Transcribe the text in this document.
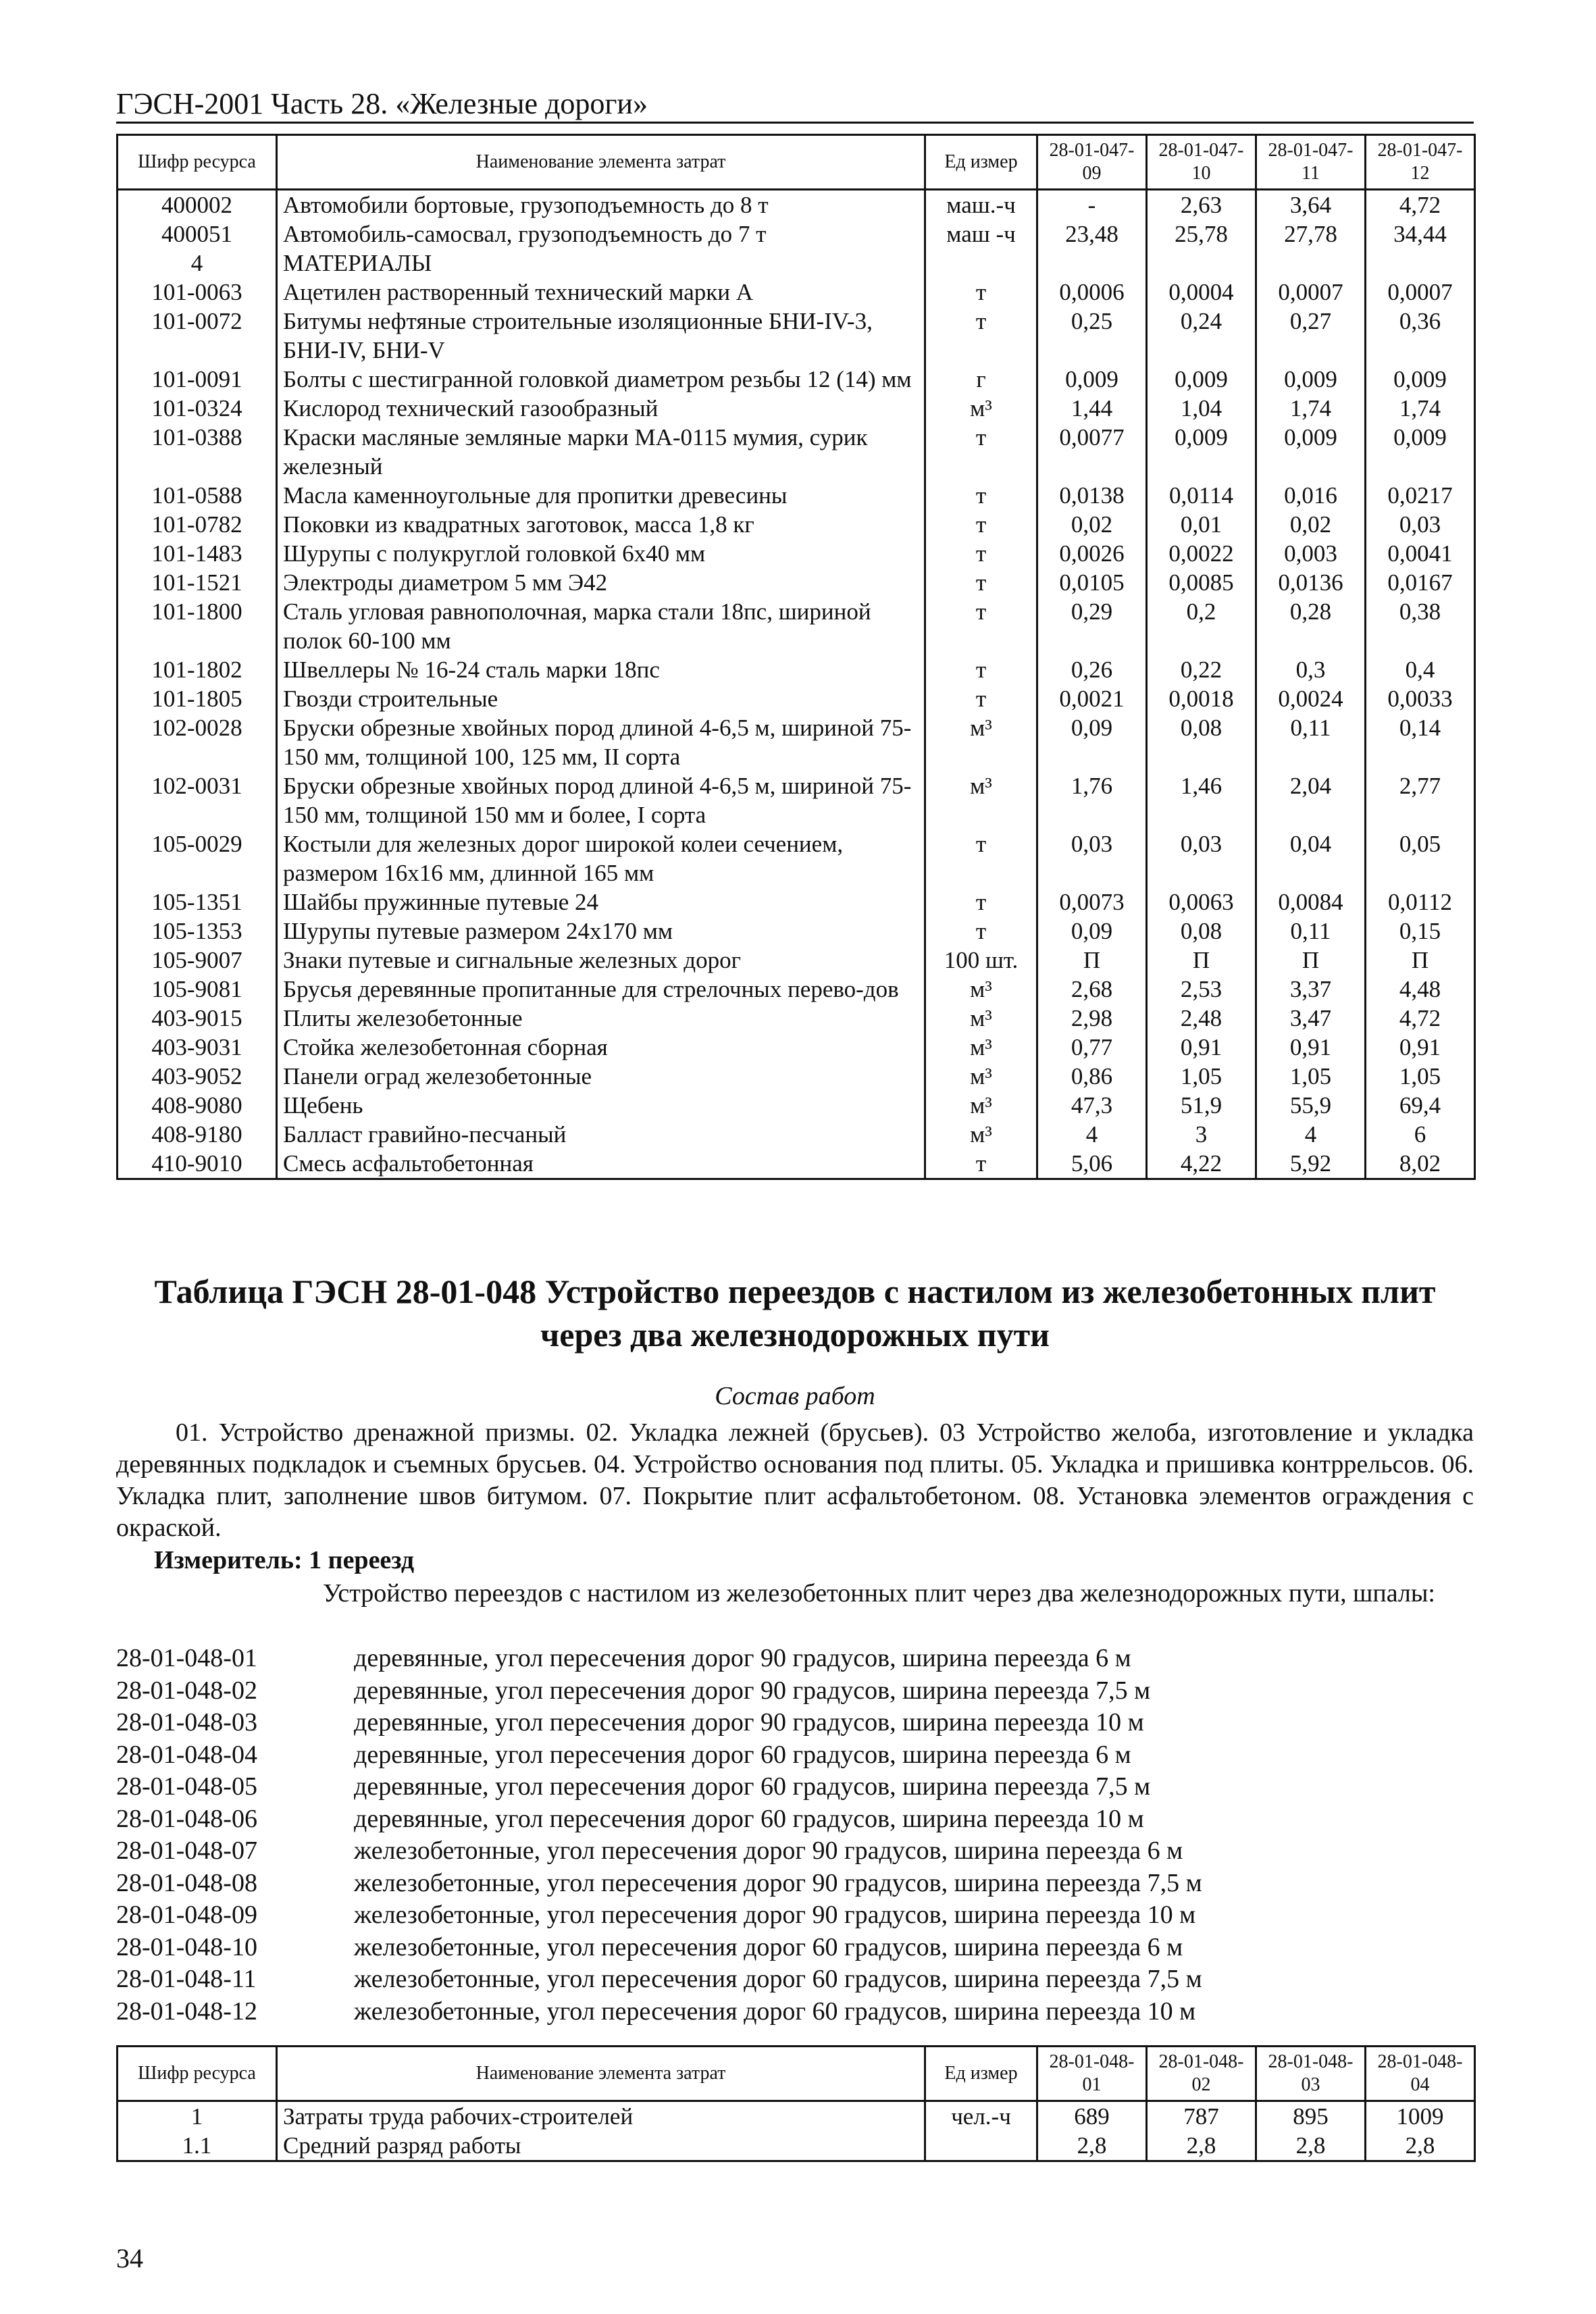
ГЭСН-2001 Часть 28. «Железные дороги»
Шифр ресурса	Наименование элемента затрат	Ед измер	28-01-047-09	28-01-047-10	28-01-047-11	28-01-047-12
400002	Автомобили бортовые, грузоподъемность до 8 т	маш.-ч	-	2,63	3,64	4,72
400051	Автомобиль-самосвал, грузоподъемность до 7 т	маш -ч	23,48	25,78	27,78	34,44
4	МАТЕРИАЛЫ					
101-0063	Ацетилен растворенный технический марки А	т	0,0006	0,0004	0,0007	0,0007
101-0072	Битумы нефтяные строительные изоляционные БНИ-IV-3, БНИ-IV, БНИ-V	т	0,25	0,24	0,27	0,36
101-0091	Болты с шестигранной головкой диаметром резьбы 12 (14) мм	г	0,009	0,009	0,009	0,009
101-0324	Кислород технический газообразный	м³	1,44	1,04	1,74	1,74
101-0388	Краски масляные земляные марки МА-0115 мумия, сурик железный	т	0,0077	0,009	0,009	0,009
101-0588	Масла каменноугольные для пропитки древесины	т	0,0138	0,0114	0,016	0,0217
101-0782	Поковки из квадратных заготовок, масса 1,8 кг	т	0,02	0,01	0,02	0,03
101-1483	Шурупы с полукруглой головкой 6х40 мм	т	0,0026	0,0022	0,003	0,0041
101-1521	Электроды диаметром 5 мм Э42	т	0,0105	0,0085	0,0136	0,0167
101-1800	Сталь угловая равнополочная, марка стали 18пс, шириной полок 60-100 мм	т	0,29	0,2	0,28	0,38
101-1802	Швеллеры № 16-24 сталь марки 18пс	т	0,26	0,22	0,3	0,4
101-1805	Гвозди строительные	т	0,0021	0,0018	0,0024	0,0033
102-0028	Бруски обрезные хвойных пород длиной 4-6,5 м, шириной 75-150 мм, толщиной 100, 125 мм, II сорта	м³	0,09	0,08	0,11	0,14
102-0031	Бруски обрезные хвойных пород длиной 4-6,5 м, шириной 75-150 мм, толщиной 150 мм и более, I сорта	м³	1,76	1,46	2,04	2,77
105-0029	Костыли для железных дорог широкой колеи сечением, размером 16х16 мм, длинной 165 мм	т	0,03	0,03	0,04	0,05
105-1351	Шайбы пружинные путевые 24	т	0,0073	0,0063	0,0084	0,0112
105-1353	Шурупы путевые размером 24х170 мм	т	0,09	0,08	0,11	0,15
105-9007	Знаки путевые и сигнальные железных дорог	100 шт.	П	П	П	П
105-9081	Брусья деревянные пропитанные для стрелочных перево-дов	м³	2,68	2,53	3,37	4,48
403-9015	Плиты железобетонные	м³	2,98	2,48	3,47	4,72
403-9031	Стойка железобетонная сборная	м³	0,77	0,91	0,91	0,91
403-9052	Панели оград железобетонные	м³	0,86	1,05	1,05	1,05
408-9080	Щебень	м³	47,3	51,9	55,9	69,4
408-9180	Балласт гравийно-песчаный	м³	4	3	4	6
410-9010	Смесь асфальтобетонная	т	5,06	4,22	5,92	8,02
Таблица ГЭСН 28-01-048 Устройство переездов с настилом из железобетонных плит через два железнодорожных пути
Состав работ
01. Устройство дренажной призмы. 02. Укладка лежней (брусьев). 03 Устройство желоба, изготовление и укладка деревянных подкладок и съемных брусьев. 04. Устройство основания под плиты. 05. Укладка и пришивка контррельсов. 06. Укладка плит, заполнение швов битумом. 07. Покрытие плит асфальтобетоном. 08. Установка элементов ограждения с окраской.
Измеритель: 1 переезд
Устройство переездов с настилом из железобетонных плит через два железнодорожных пути, шпалы:
28-01-048-01	деревянные, угол пересечения дорог 90 градусов, ширина переезда 6 м
28-01-048-02	деревянные, угол пересечения дорог 90 градусов, ширина переезда 7,5 м
28-01-048-03	деревянные, угол пересечения дорог 90 градусов, ширина переезда 10 м
28-01-048-04	деревянные, угол пересечения дорог 60 градусов, ширина переезда 6 м
28-01-048-05	деревянные, угол пересечения дорог 60 градусов, ширина переезда 7,5 м
28-01-048-06	деревянные, угол пересечения дорог 60 градусов, ширина переезда 10 м
28-01-048-07	железобетонные, угол пересечения дорог 90 градусов, ширина переезда 6 м
28-01-048-08	железобетонные, угол пересечения дорог 90 градусов, ширина переезда 7,5 м
28-01-048-09	железобетонные, угол пересечения дорог 90 градусов, ширина переезда 10 м
28-01-048-10	железобетонные, угол пересечения дорог 60 градусов, ширина переезда 6 м
28-01-048-11	железобетонные, угол пересечения дорог 60 градусов, ширина переезда 7,5 м
28-01-048-12	железобетонные, угол пересечения дорог 60 градусов, ширина переезда 10 м
Шифр ресурса	Наименование элемента затрат	Ед измер	28-01-048-01	28-01-048-02	28-01-048-03	28-01-048-04
1	Затраты труда рабочих-строителей	чел.-ч	689	787	895	1009
1.1	Средний разряд работы		2,8	2,8	2,8	2,8
34
